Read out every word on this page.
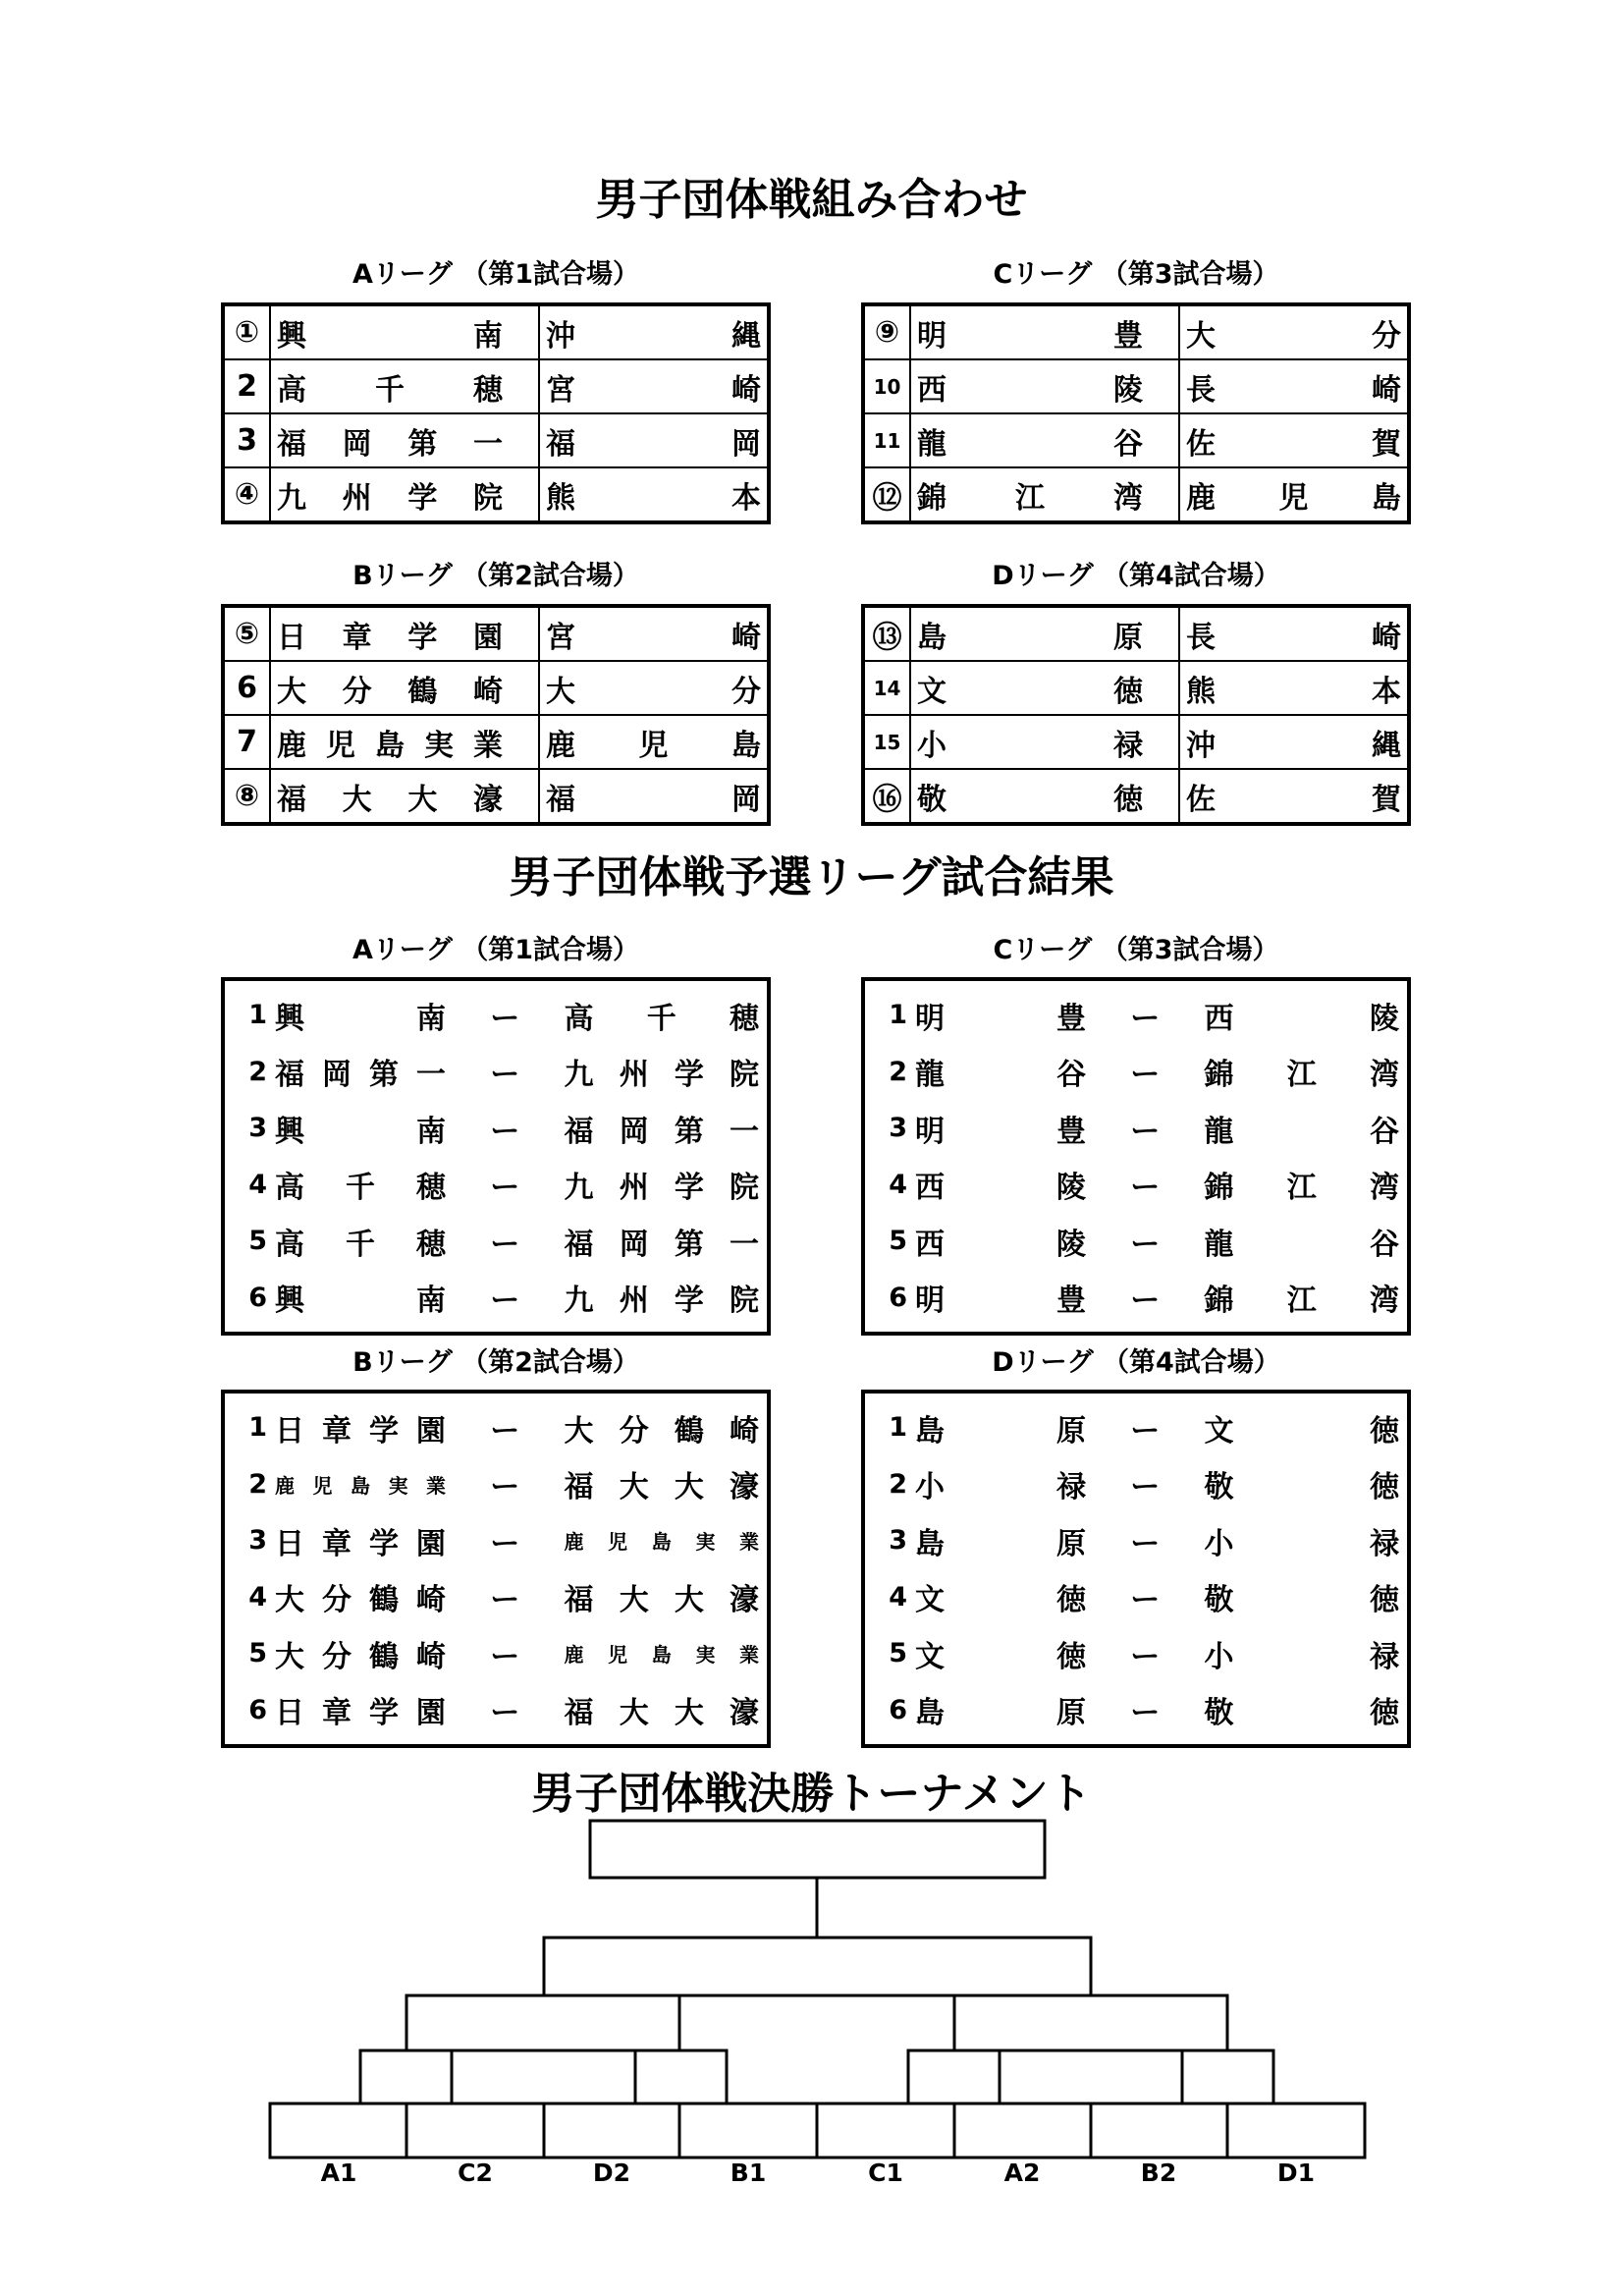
男子団体戦組み合わせ
男子団体戦予選リーグ試合結果
男子団体戦決勝トーナメント
Aリーグ （第1試合場）	Cリーグ （第3試合場）
Bリーグ （第2試合場）	Dリーグ （第4試合場）
①	興 南	沖 縄

2	高 千 穂	宮 崎

3	福 岡 第 一	福 岡

④	九 州 学 院	熊 本
⑨	明 豊	大 分

10	西 陵	長 崎

11	龍 谷	佐 賀

⑫	錦 江 湾	鹿 児 島
⑤	日 章 学 園	宮 崎

6	大 分 鶴 崎	大 分

7	鹿 児 島 実 業	鹿 児 島

⑧	福 大 大 濠	福 岡
⑬	島 原	長 崎

14	文 徳	熊 本

15	小 禄	沖 縄

⑯	敬 徳	佐 賀
Aリーグ （第1試合場）	Cリーグ （第3試合場）
Bリーグ （第2試合場）	Dリーグ （第4試合場）
1	興 南	ー	高 千 穂

2	福 岡 第 一	ー	九 州 学 院

3	興 南	ー	福 岡 第 一

4	高 千 穂	ー	九 州 学 院

5	高 千 穂	ー	福 岡 第 一

6	興 南	ー	九 州 学 院
1	明 豊	ー	西 陵

2	龍 谷	ー	錦 江 湾

3	明 豊	ー	龍 谷

4	西 陵	ー	錦 江 湾

5	西 陵	ー	龍 谷

6	明 豊	ー	錦 江 湾
1	日 章 学 園	ー	大 分 鶴 崎

2	鹿 児 島 実 業	ー	福 大 大 濠

3	日 章 学 園	ー	鹿 児 島 実 業

4	大 分 鶴 崎	ー	福 大 大 濠

5	大 分 鶴 崎	ー	鹿 児 島 実 業

6	日 章 学 園	ー	福 大 大 濠
1	島 原	ー	文 徳

2	小 禄	ー	敬 徳

3	島 原	ー	小 禄

4	文 徳	ー	敬 徳

5	文 徳	ー	小 禄

6	島 原	ー	敬 徳
A1	C2	D2	B1	C1	A2	B2	D1
